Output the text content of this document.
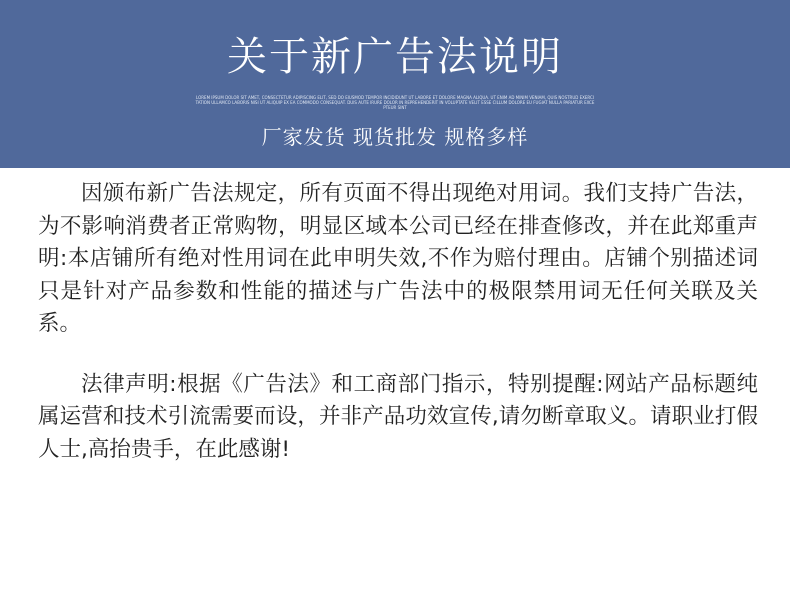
关于新广告法说明
LOREM IPSUM DOLOR SIT AMET, CONSECTETUR ADIPISCING ELIT, SED DO EIUSMOD TEMPOR INCIDIDUNT UT LABORE ET DOLORE MAGNA ALIQUA. UT ENIM AD MINIM VENIAM, QUIS NOSTRUD EXERCITATION ULLAMCO LABORIS NISI UT ALIQUIP EX EA COMMODO CONSEQUAT. DUIS AUTE IRURE DOLOR IN REPREHENDERIT IN VOLUPTATE VELIT ESSE CILLUM DOLORE EU FUGIAT NULLA PARIATUR EXCEPTEUR SINT
厂家发货 现货批发 规格多样

因颁布新广告法规定，所有页面不得出现绝对用词。我们支持广告法，为不影响消费者正常购物，明显区域本公司已经在排查修改，并在此郑重声明:本店铺所有绝对性用词在此申明失效,不作为赔付理由。店铺个别描述词只是针对产品参数和性能的描述与广告法中的极限禁用词无任何关联及关系。

法律声明:根据《广告法》和工商部门指示，特别提醒:网站产品标题纯属运营和技术引流需要而设，并非产品功效宣传,请勿断章取义。请职业打假人士,高抬贵手，在此感谢!
